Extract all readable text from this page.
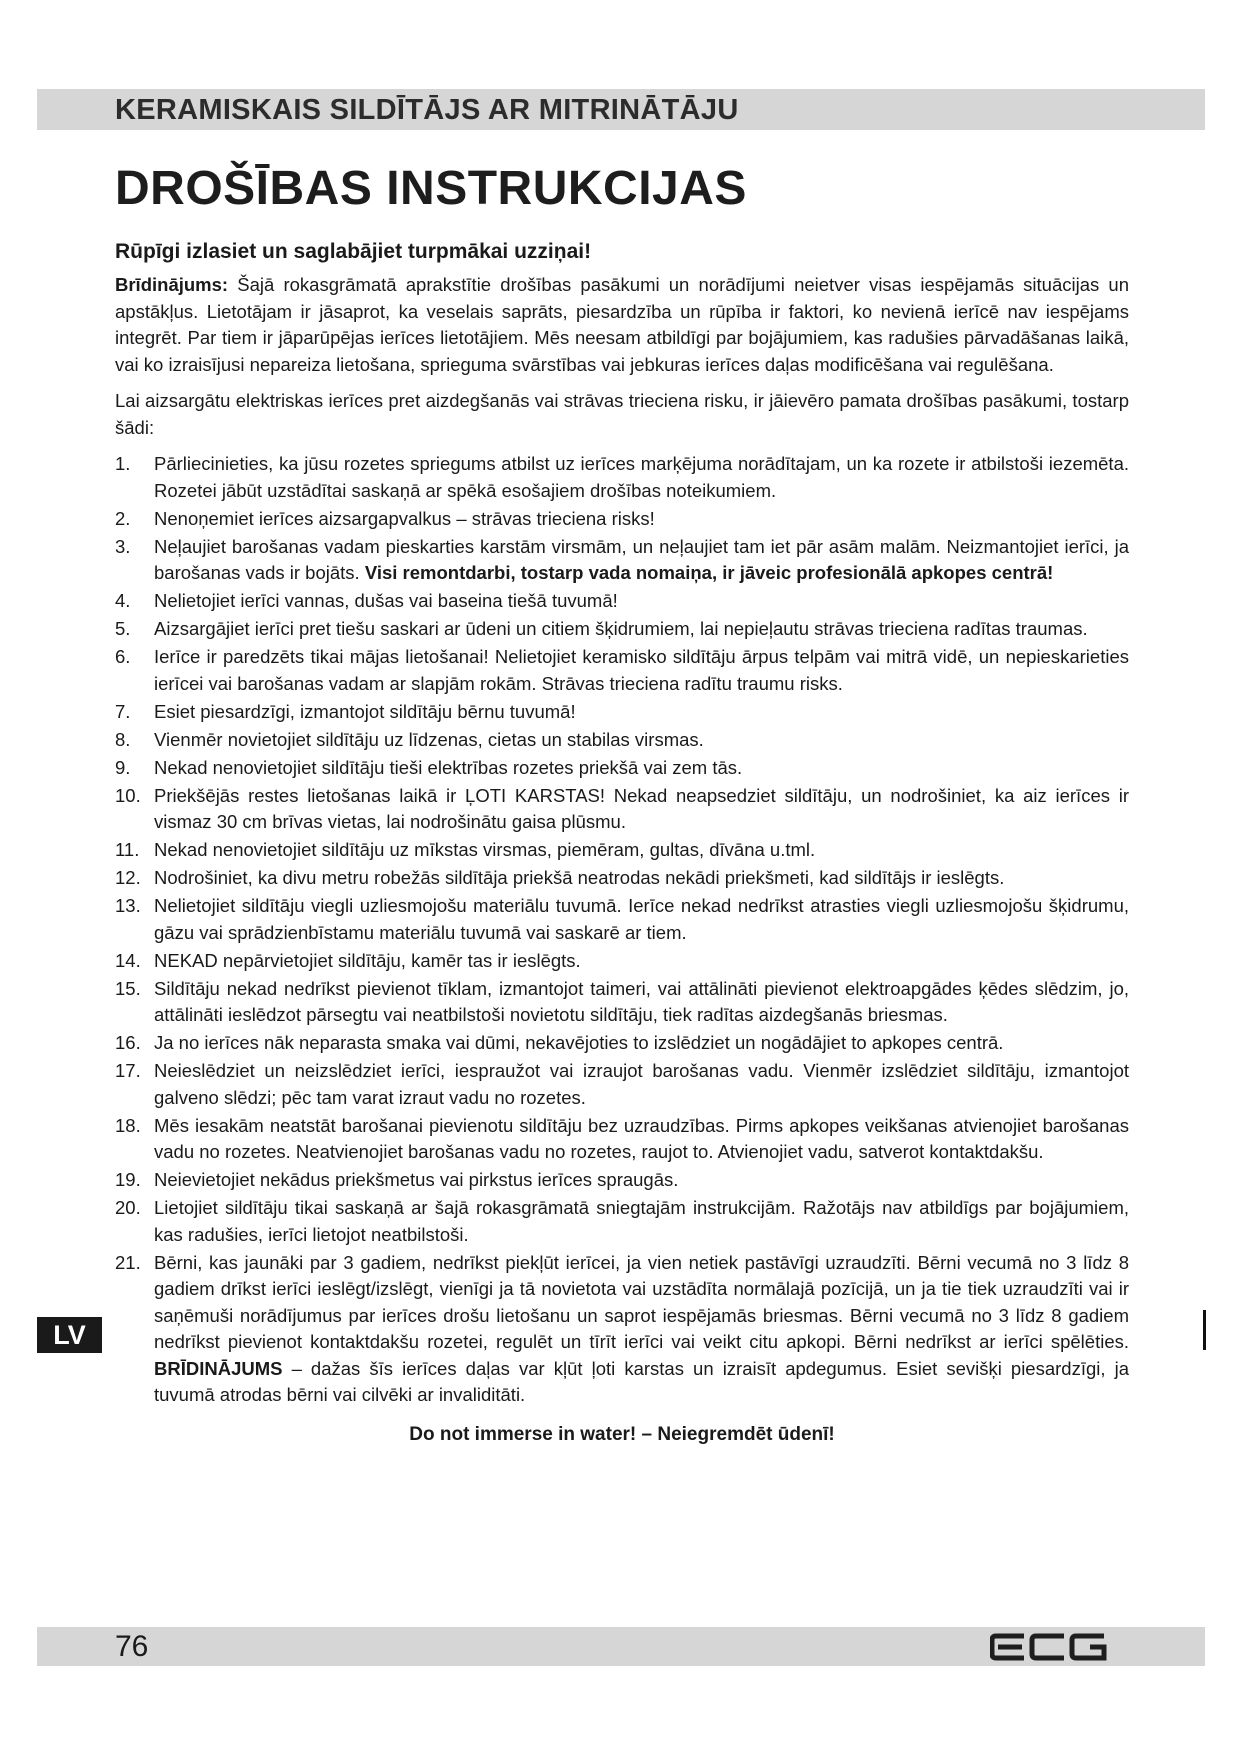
KERAMISKAIS SILDĪTĀJS AR MITRINĀTĀJU
DROŠĪBAS INSTRUKCIJAS
Rūpīgi izlasiet un saglabājiet turpmākai uzziņai!

Brīdinājums: Šajā rokasgrāmatā aprakstītie drošības pasākumi un norādījumi neietver visas iespējamās situācijas un apstākļus. Lietotājam ir jāsaprot, ka veselais saprāts, piesardzība un rūpība ir faktori, ko nevienā ierīcē nav iespējams integrēt. Par tiem ir jāparūpējas ierīces lietotājiem. Mēs neesam atbildīgi par bojājumiem, kas radušies pārvadāšanas laikā, vai ko izraisījusi nepareiza lietošana, sprieguma svārstības vai jebkuras ierīces daļas modificēšana vai regulēšana.

Lai aizsargātu elektriskas ierīces pret aizdegšanās vai strāvas trieciena risku, ir jāievēro pamata drošības pasākumi, tostarp šādi:

1. Pārliecinieties, ka jūsu rozetes spriegums atbilst uz ierīces marķējuma norādītajam, un ka rozete ir atbilstoši iezemēta. Rozetei jābūt uzstādītai saskaņā ar spēkā esošajiem drošības noteikumiem.
2. Nenoņemiet ierīces aizsargapvalkus – strāvas trieciena risks!
3. Neļaujiet barošanas vadam pieskarties karstām virsmām, un neļaujiet tam iet pār asām malām. Neizmantojiet ierīci, ja barošanas vads ir bojāts. Visi remontdarbi, tostarp vada nomaiņa, ir jāveic profesionālā apkopes centrā!
4. Nelietojiet ierīci vannas, dušas vai baseina tiešā tuvumā!
5. Aizsargājiet ierīci pret tiešu saskari ar ūdeni un citiem šķidrumiem, lai nepieļautu strāvas trieciena radītas traumas.
6. Ierīce ir paredzēts tikai mājas lietošanai! Nelietojiet keramisko sildītāju ārpus telpām vai mitrā vidē, un nepieskarieties ierīcei vai barošanas vadam ar slapjām rokām. Strāvas trieciena radītu traumu risks.
7. Esiet piesardzīgi, izmantojot sildītāju bērnu tuvumā!
8. Vienmēr novietojiet sildītāju uz līdzenas, cietas un stabilas virsmas.
9. Nekad nenovietojiet sildītāju tieši elektrības rozetes priekšā vai zem tās.
10. Priekšējās restes lietošanas laikā ir ĻOTI KARSTAS! Nekad neapsedziet sildītāju, un nodrošiniet, ka aiz ierīces ir vismaz 30 cm brīvas vietas, lai nodrošinātu gaisa plūsmu.
11. Nekad nenovietojiet sildītāju uz mīkstas virsmas, piemēram, gultas, dīvāna u.tml.
12. Nodrošiniet, ka divu metru robežās sildītāja priekšā neatrodas nekādi priekšmeti, kad sildītājs ir ieslēgts.
13. Nelietojiet sildītāju viegli uzliesmojošu materiālu tuvumā. Ierīce nekad nedrīkst atrasties viegli uzliesmojošu šķidrumu, gāzu vai sprādzienbīstamu materiālu tuvumā vai saskarē ar tiem.
14. NEKAD nepārvietojiet sildītāju, kamēr tas ir ieslēgts.
15. Sildītāju nekad nedrīkst pievienot tīklam, izmantojot taimeri, vai attālināti pievienot elektroapgādes ķēdes slēdzim, jo, attālināti ieslēdzot pārsegtu vai neatbilstoši novietotu sildītāju, tiek radītas aizdegšanās briesmas.
16. Ja no ierīces nāk neparasta smaka vai dūmi, nekavējoties to izslēdziet un nogādājiet to apkopes centrā.
17. Neieslēdziet un neizslēdziet ierīci, iespraužot vai izraujot barošanas vadu. Vienmēr izslēdziet sildītāju, izmantojot galveno slēdzi; pēc tam varat izraut vadu no rozetes.
18. Mēs iesakām neatstāt barošanai pievienotu sildītāju bez uzraudzības. Pirms apkopes veikšanas atvienojiet barošanas vadu no rozetes. Neatvienojiet barošanas vadu no rozetes, raujot to. Atvienojiet vadu, satverot kontaktdakšu.
19. Neievietojiet nekādus priekšmetus vai pirkstus ierīces spraugās.
20. Lietojiet sildītāju tikai saskaņā ar šajā rokasgrāmatā sniegtajām instrukcijām. Ražotājs nav atbildīgs par bojājumiem, kas radušies, ierīci lietojot neatbilstoši.
21. Bērni, kas jaunāki par 3 gadiem, nedrīkst piekļūt ierīcei, ja vien netiek pastāvīgi uzraudzīti. Bērni vecumā no 3 līdz 8 gadiem drīkst ierīci ieslēgt/izslēgt, vienīgi ja tā novietota vai uzstādīta normālajā pozīcijā, un ja tie tiek uzraudzīti vai ir saņēmuši norādījumus par ierīces drošu lietošanu un saprot iespējamās briesmas. Bērni vecumā no 3 līdz 8 gadiem nedrīkst pievienot kontaktdakšu rozetei, regulēt un tīrīt ierīci vai veikt citu apkopi. Bērni nedrīkst ar ierīci spēlēties. BRĪDINĀJUMS – dažas šīs ierīces daļas var kļūt ļoti karstas un izraisīt apdegumus. Esiet sevišķi piesardzīgi, ja tuvumā atrodas bērni vai cilvēki ar invaliditāti.
Do not immerse in water! – Neiegremdēt ūdenī!
LV
76
